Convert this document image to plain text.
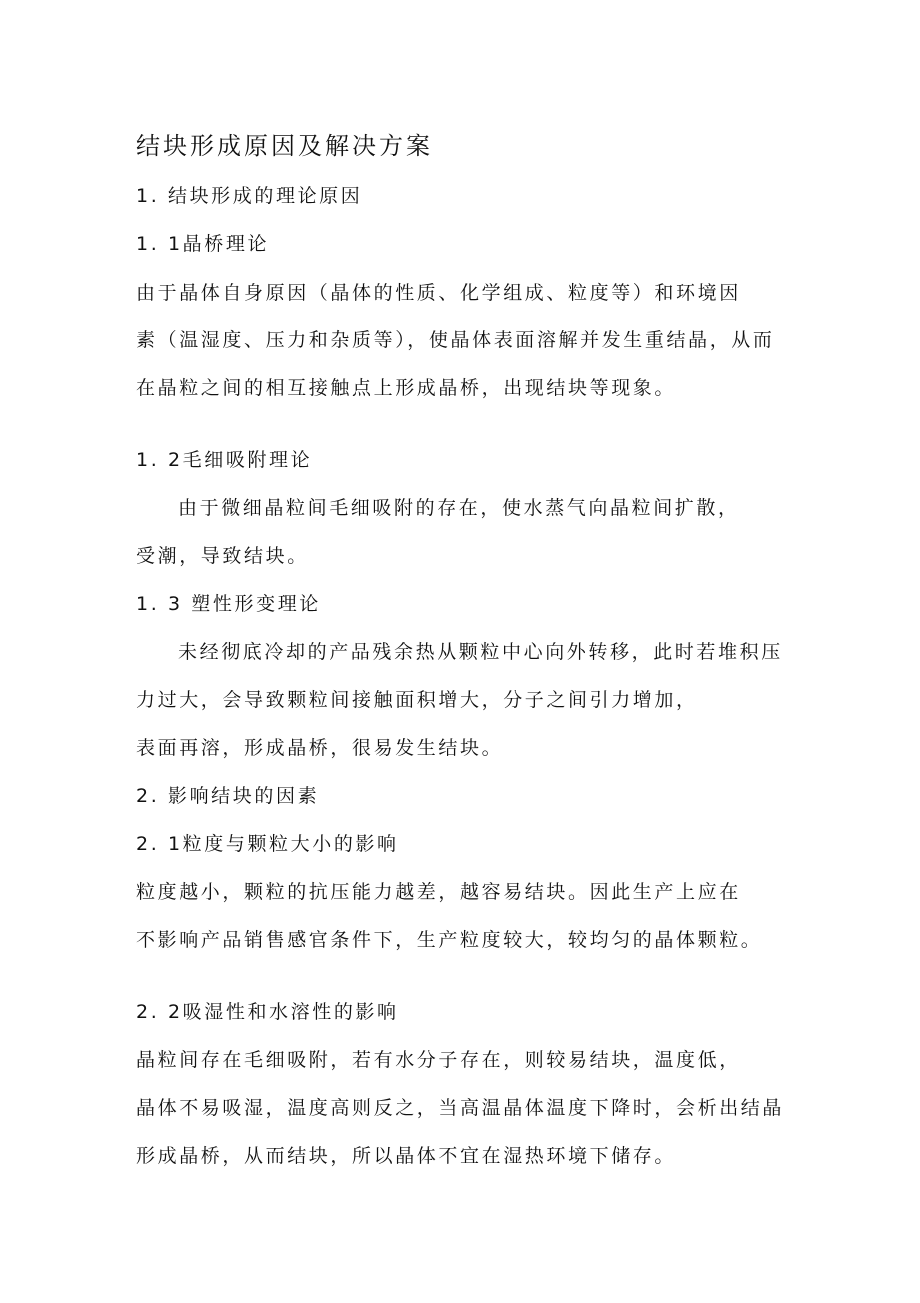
结块形成原因及解决方案
1. 结块形成的理论原因
1. 1晶桥理论
由于晶体自身原因（晶体的性质、化学组成、粒度等）和环境因
素（温湿度、压力和杂质等），使晶体表面溶解并发生重结晶，从而
在晶粒之间的相互接触点上形成晶桥，出现结块等现象。
1. 2毛细吸附理论
由于微细晶粒间毛细吸附的存在，使水蒸气向晶粒间扩散，
受潮，导致结块。
1. 3 塑性形变理论
未经彻底冷却的产品残余热从颗粒中心向外转移，此时若堆积压
力过大，会导致颗粒间接触面积增大，分子之间引力增加，
表面再溶，形成晶桥，很易发生结块。
2. 影响结块的因素
2. 1粒度与颗粒大小的影响
粒度越小，颗粒的抗压能力越差，越容易结块。因此生产上应在
不影响产品销售感官条件下，生产粒度较大，较均匀的晶体颗粒。
2. 2吸湿性和水溶性的影响
晶粒间存在毛细吸附，若有水分子存在，则较易结块，温度低，
晶体不易吸湿，温度高则反之，当高温晶体温度下降时，会析出结晶
形成晶桥，从而结块，所以晶体不宜在湿热环境下储存。
